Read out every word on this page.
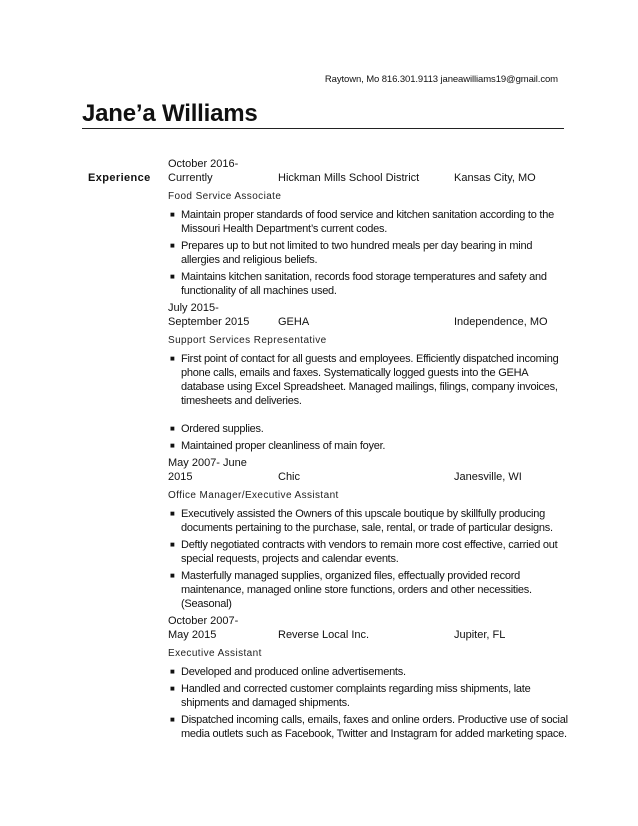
Raytown, Mo 816.301.9113 janeawilliams19@gmail.com
Jane’a Williams
Experience
October 2016-
Currently	Hickman Mills School District	Kansas City, MO
Food Service Associate
■ Maintain proper standards of food service and kitchen sanitation according to the Missouri Health Department’s current codes.
■ Prepares up to but not limited to two hundred meals per day bearing in mind allergies and religious beliefs.
■ Maintains kitchen sanitation, records food storage temperatures and safety and functionality of all machines used.
July 2015-
September 2015	GEHA	Independence, MO
Support Services Representative
■ First point of contact for all guests and employees. Efficiently dispatched incoming phone calls, emails and faxes. Systematically logged guests into the GEHA database using Excel Spreadsheet. Managed mailings, filings, company invoices, timesheets and deliveries.
■ Ordered supplies.
■ Maintained proper cleanliness of main foyer.
May 2007- June
2015	Chic	Janesville, WI
Office Manager/Executive Assistant
■ Executively assisted the Owners of this upscale boutique by skillfully producing documents pertaining to the purchase, sale, rental, or trade of particular designs.
■ Deftly negotiated contracts with vendors to remain more cost effective, carried out special requests, projects and calendar events.
■ Masterfully managed supplies, organized files, effectually provided record maintenance, managed online store functions, orders and other necessities. (Seasonal)
October 2007-
May 2015	Reverse Local Inc.	Jupiter, FL
Executive Assistant
■ Developed and produced online advertisements.
■ Handled and corrected customer complaints regarding miss shipments, late shipments and damaged shipments.
■ Dispatched incoming calls, emails, faxes and online orders. Productive use of social media outlets such as Facebook, Twitter and Instagram for added marketing space.
